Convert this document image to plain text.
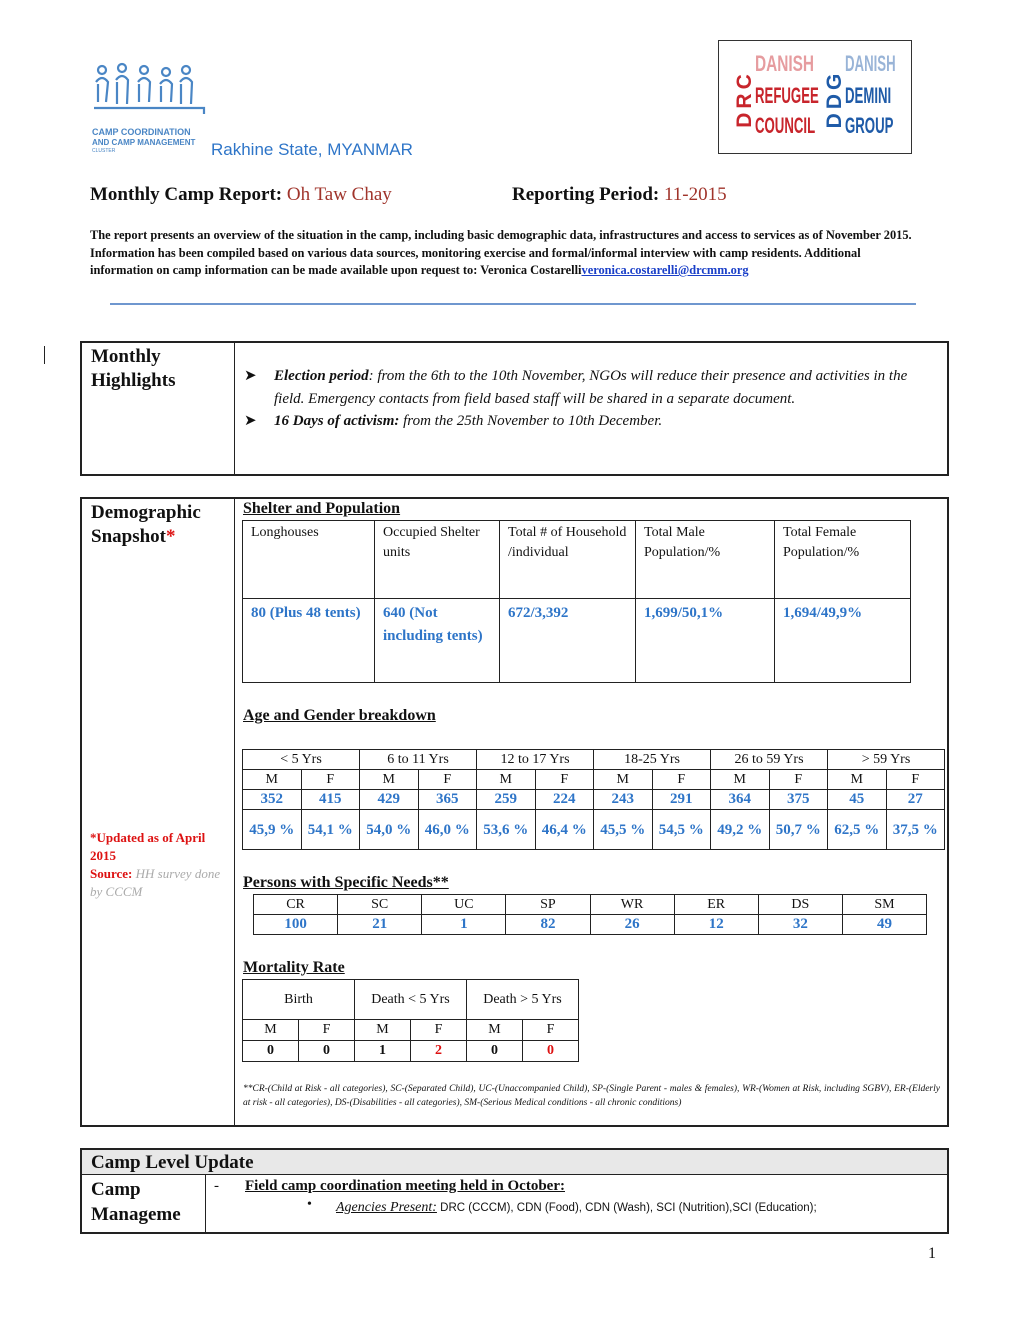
CAMP COORDINATION
AND CAMP MANAGEMENT
CLUSTER	Rakhine State, MYANMAR
DRC
DANISH
REFUGEE
COUNCIL DDG
DANISH
DEMINI
GROUP
Monthly Camp Report: Oh Taw Chay	Reporting Period: 11-2015
The report presents an overview of the situation in the camp, including basic demographic data, infrastructures and access to services as of November 2015. Information has been compiled based on various data sources, monitoring exercise and formal/informal interview with camp residents. Additional information on camp information can be made available upon request to: Veronica Costarelliveronica.costarelli@drcmm.org
Monthly
Highlights	➤ Election period: from the 6th to the 10th November, NGOs will reduce their presence and activities in the field. Emergency contacts from field based staff will be shared in a separate document.
➤ 16 Days of activism: from the 25th November to 10th December.
Demographic
Snapshot*
*Updated as of April 2015
Source: HH survey done by CCCM
Shelter and Population
Longhouses	Occupied Shelter units	Total # of Household /individual	Total Male Population/%	Total Female Population/%
80 (Plus 48 tents)	640 (Not including tents)	672/3,392	1,699/50,1%	1,694/49,9%
Age and Gender breakdown
< 5 Yrs		6 to 11 Yrs		12 to 17 Yrs		18-25 Yrs		26 to 59 Yrs		> 59 Yrs	
M	F	M	F	M	F	M	F	M	F	M	F
352	415	429	365	259	224	243	291	364	375	45	27
45,9 %	54,1 %	54,0 %	46,0 %	53,6 %	46,4 %	45,5 %	54,5 %	49,2 %	50,7 %	62,5 %	37,5 %
Persons with Specific Needs**
CR	SC	UC	SP	WR	ER	DS	SM
100	21	1	82	26	12	32	49
Mortality Rate
Birth		Death < 5 Yrs		Death > 5 Yrs	
M	F	M	F	M	F
0	0	1	2	0	0
**CR-(Child at Risk - all categories), SC-(Separated Child), UC-(Unaccompanied Child), SP-(Single Parent - males & females), WR-(Women at Risk, including SGBV), ER-(Elderly at risk - all categories), DS-(Disabilities - all categories), SM-(Serious Medical conditions - all chronic conditions)
Camp Level Update
Camp
Manageme
- Field camp coordination meeting held in October:
• Agencies Present: DRC (CCCM), CDN (Food), CDN (Wash), SCI (Nutrition),SCI (Education);
1
